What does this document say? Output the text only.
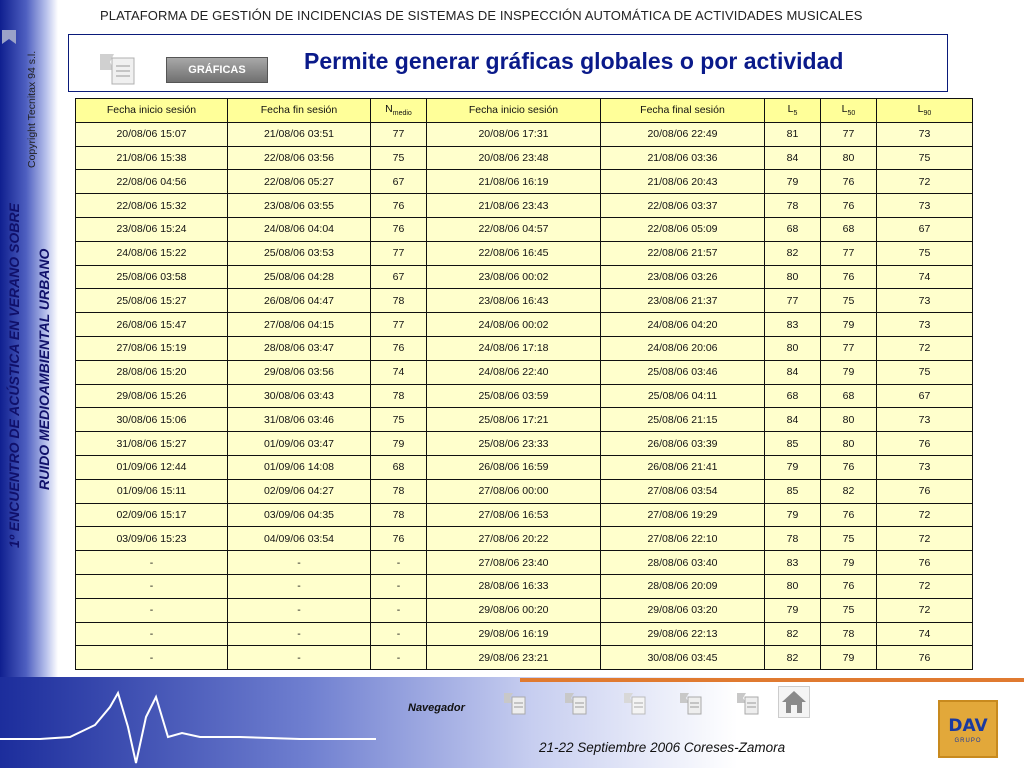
1º ENCUENTRO DE ACÚSTICA EN VERANO SOBRE RUIDO MEDIOAMBIENTAL URBANO
Copyright Tecnitax 94 s.l.
PLATAFORMA DE GESTIÓN DE INCIDENCIAS DE SISTEMAS DE INSPECCIÓN AUTOMÁTICA DE ACTIVIDADES MUSICALES
GRÁFICAS	Permite generar gráficas globales o por actividad
Fecha inicio sesión	Fecha fin sesión	$N_{medio}$	Fecha inicio sesión	Fecha final sesión	$L_5$	$L_{50}$	$L_{90}$
20/08/06 15:07	21/08/06 03:51	77	20/08/06 17:31	20/08/06 22:49	81	77	73
21/08/06 15:38	22/08/06 03:56	75	20/08/06 23:48	21/08/06 03:36	84	80	75
22/08/06 04:56	22/08/06 05:27	67	21/08/06 16:19	21/08/06 20:43	79	76	72
22/08/06 15:32	23/08/06 03:55	76	21/08/06 23:43	22/08/06 03:37	78	76	73
23/08/06 15:24	24/08/06 04:04	76	22/08/06 04:57	22/08/06 05:09	68	68	67
24/08/06 15:22	25/08/06 03:53	77	22/08/06 16:45	22/08/06 21:57	82	77	75
25/08/06 03:58	25/08/06 04:28	67	23/08/06 00:02	23/08/06 03:26	80	76	74
25/08/06 15:27	26/08/06 04:47	78	23/08/06 16:43	23/08/06 21:37	77	75	73
26/08/06 15:47	27/08/06 04:15	77	24/08/06 00:02	24/08/06 04:20	83	79	73
27/08/06 15:19	28/08/06 03:47	76	24/08/06 17:18	24/08/06 20:06	80	77	72
28/08/06 15:20	29/08/06 03:56	74	24/08/06 22:40	25/08/06 03:46	84	79	75
29/08/06 15:26	30/08/06 03:43	78	25/08/06 03:59	25/08/06 04:11	68	68	67
30/08/06 15:06	31/08/06 03:46	75	25/08/06 17:21	25/08/06 21:15	84	80	73
31/08/06 15:27	01/09/06 03:47	79	25/08/06 23:33	26/08/06 03:39	85	80	76
01/09/06 12:44	01/09/06 14:08	68	26/08/06 16:59	26/08/06 21:41	79	76	73
01/09/06 15:11	02/09/06 04:27	78	27/08/06 00:00	27/08/06 03:54	85	82	76
02/09/06 15:17	03/09/06 04:35	78	27/08/06 16:53	27/08/06 19:29	79	76	72
03/09/06 15:23	04/09/06 03:54	76	27/08/06 20:22	27/08/06 22:10	78	75	72
-	-	-	27/08/06 23:40	28/08/06 03:40	83	79	76
-	-	-	28/08/06 16:33	28/08/06 20:09	80	76	72
-	-	-	29/08/06 00:20	29/08/06 03:20	79	75	72
-	-	-	29/08/06 16:19	29/08/06 22:13	82	78	74
-	-	-	29/08/06 23:21	30/08/06 03:45	82	79	76
Navegador
21-22 Septiembre 2006 Coreses-Zamora
DAV
GRUPO
